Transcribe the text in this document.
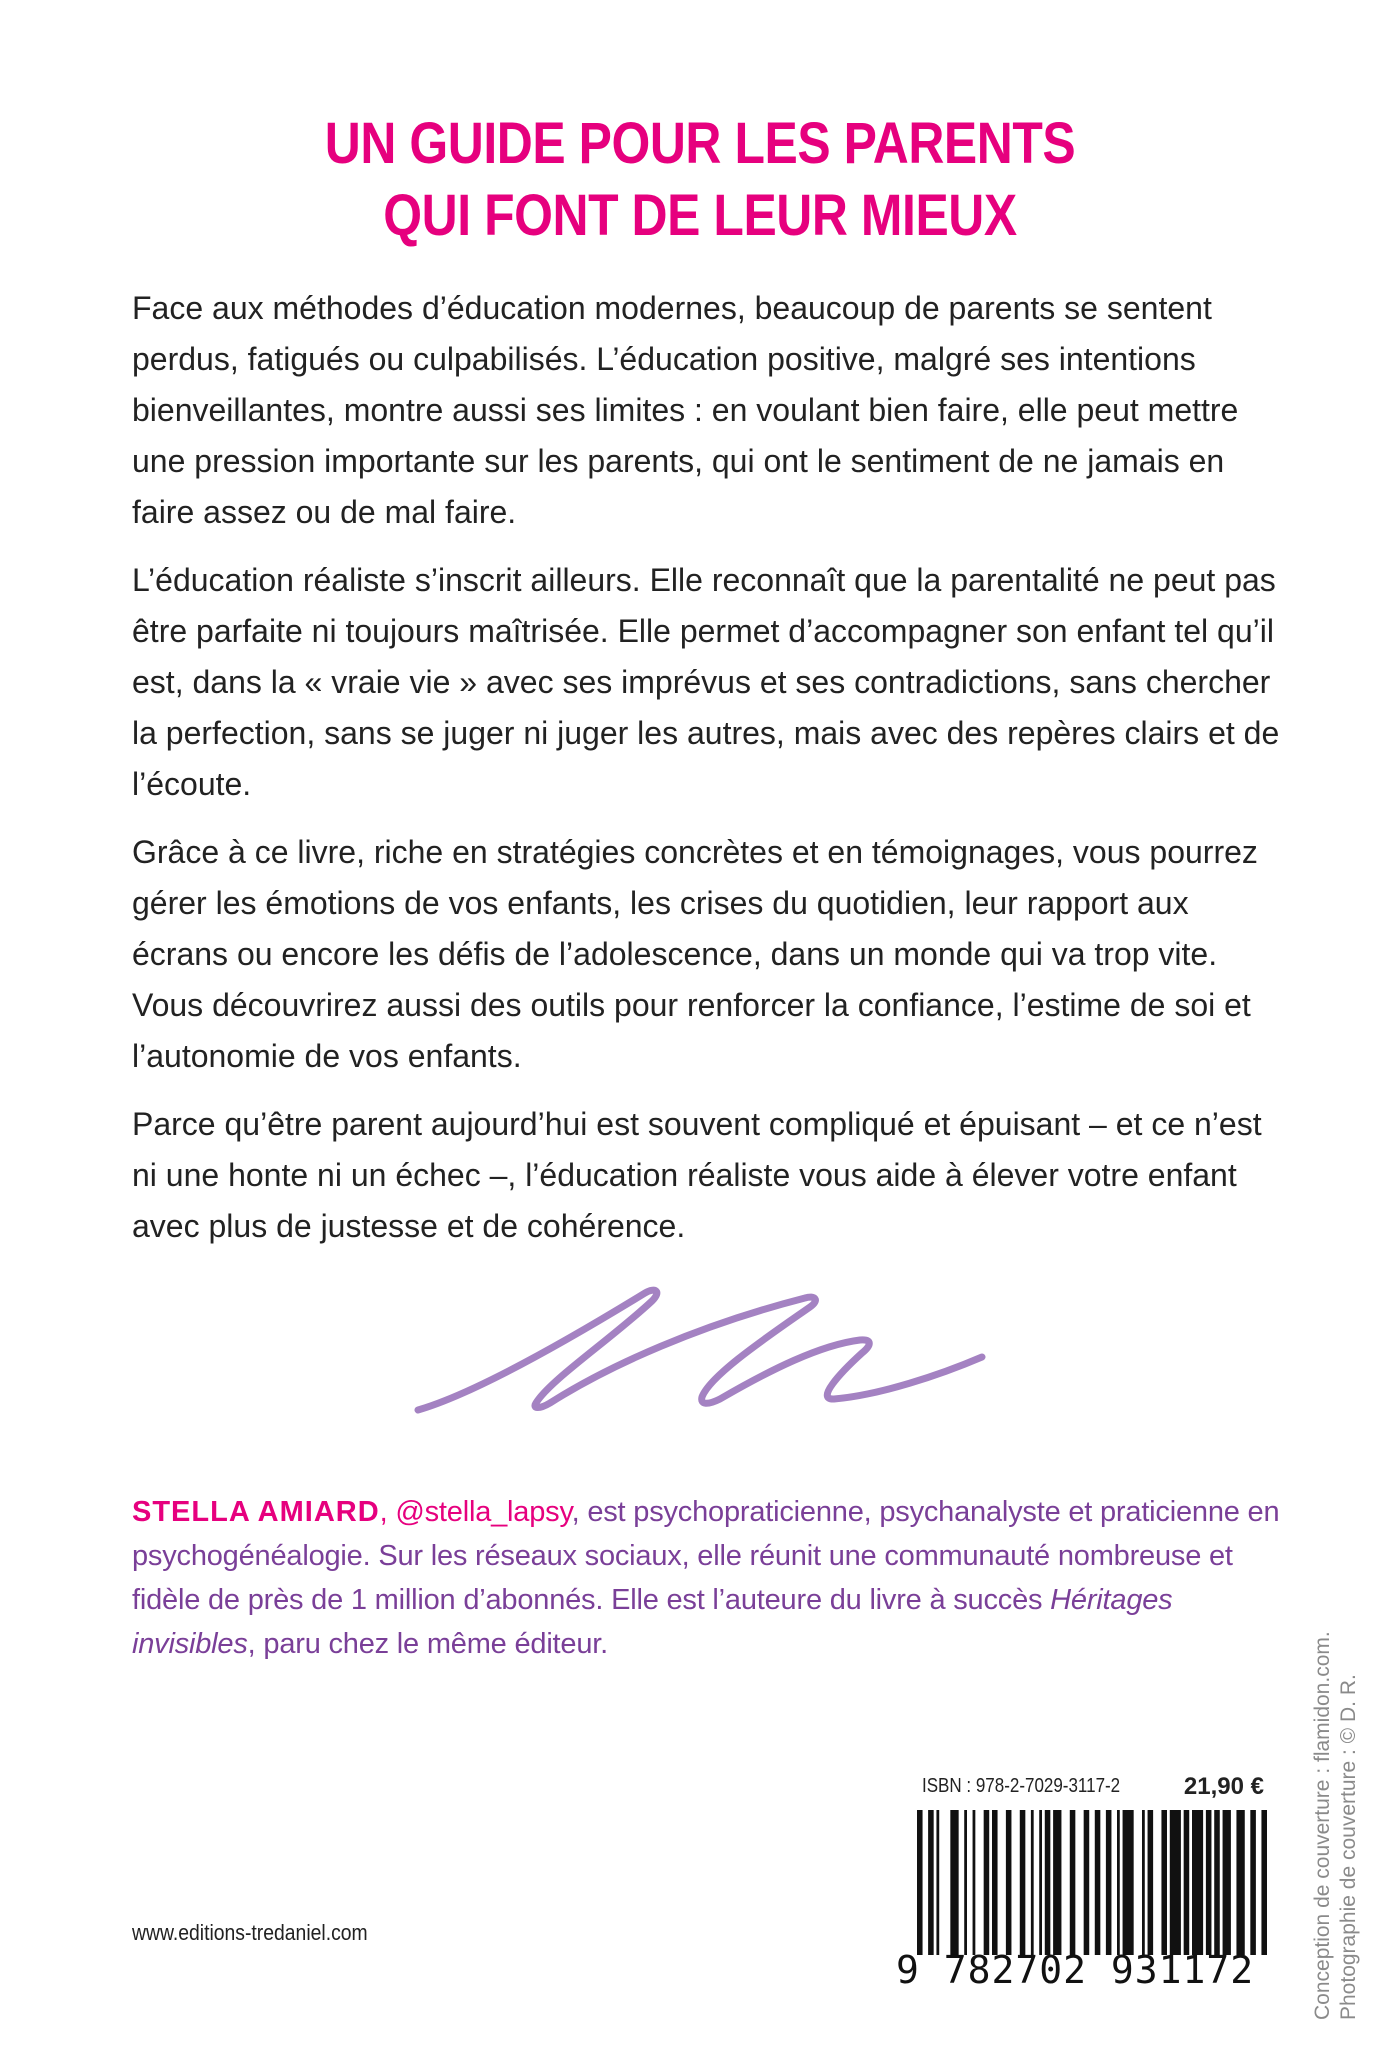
UN GUIDE POUR LES PARENTS
QUI FONT DE LEUR MIEUX

Face aux méthodes d’éducation modernes, beaucoup de parents se sentent perdus, fatigués ou culpabilisés. L’éducation positive, malgré ses intentions bienveillantes, montre aussi ses limites : en voulant bien faire, elle peut mettre une pression importante sur les parents, qui ont le sentiment de ne jamais en faire assez ou de mal faire.

L’éducation réaliste s’inscrit ailleurs. Elle reconnaît que la parentalité ne peut pas être parfaite ni toujours maîtrisée. Elle permet d’accompagner son enfant tel qu’il est, dans la « vraie vie » avec ses imprévus et ses contradictions, sans chercher la perfection, sans se juger ni juger les autres, mais avec des repères clairs et de l’écoute.

Grâce à ce livre, riche en stratégies concrètes et en témoignages, vous pourrez gérer les émotions de vos enfants, les crises du quotidien, leur rapport aux écrans ou encore les défis de l’adolescence, dans un monde qui va trop vite. Vous découvrirez aussi des outils pour renforcer la confiance, l’estime de soi et l’autonomie de vos enfants.

Parce qu’être parent aujourd’hui est souvent compliqué et épuisant – et ce n’est ni une honte ni un échec –, l’éducation réaliste vous aide à élever votre enfant avec plus de justesse et de cohérence.

STELLA AMIARD, @stella_lapsy, est psychopraticienne, psychanalyste et praticienne en psychogénéalogie. Sur les réseaux sociaux, elle réunit une communauté nombreuse et fidèle de près de 1 million d’abonnés. Elle est l’auteure du livre à succès Héritages invisibles, paru chez le même éditeur.	Conception de couverture : flamidon.com. Photographie de couverture : © D. R.
ISBN : 978-2-7029-3117-2	21,90 €
9 782702 931172
www.editions-tredaniel.com
